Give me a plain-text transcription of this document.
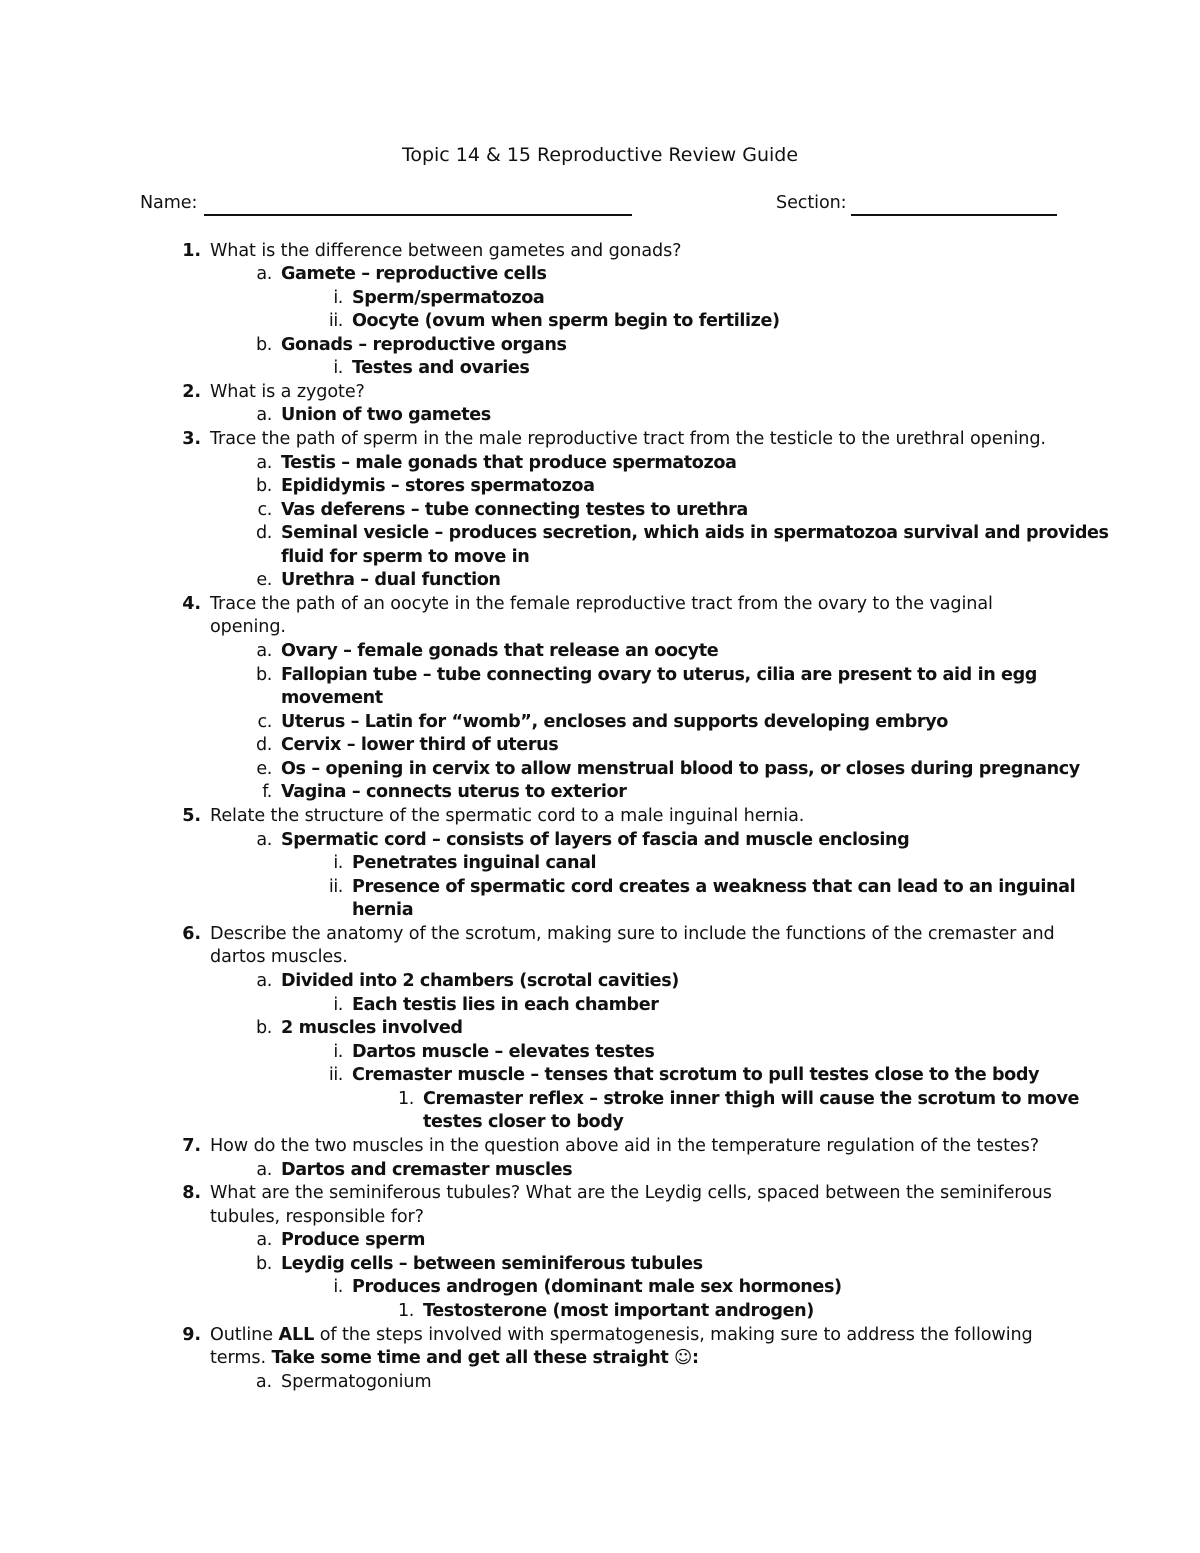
Topic 14 & 15 Reproductive Review Guide
Name:	Section:
1. What is the difference between gametes and gonads?
a. Gamete – reproductive cells
i. Sperm/spermatozoa
ii. Oocyte (ovum when sperm begin to fertilize)
b. Gonads – reproductive organs
i. Testes and ovaries
2. What is a zygote?
a. Union of two gametes
3. Trace the path of sperm in the male reproductive tract from the testicle to the urethral opening.
a. Testis – male gonads that produce spermatozoa
b. Epididymis – stores spermatozoa
c. Vas deferens – tube connecting testes to urethra
d. Seminal vesicle – produces secretion, which aids in spermatozoa survival and provides
fluid for sperm to move in
e. Urethra – dual function
4. Trace the path of an oocyte in the female reproductive tract from the ovary to the vaginal
opening.
a. Ovary – female gonads that release an oocyte
b. Fallopian tube – tube connecting ovary to uterus, cilia are present to aid in egg
movement
c. Uterus – Latin for “womb”, encloses and supports developing embryo
d. Cervix – lower third of uterus
e. Os – opening in cervix to allow menstrual blood to pass, or closes during pregnancy
f. Vagina – connects uterus to exterior
5. Relate the structure of the spermatic cord to a male inguinal hernia.
a. Spermatic cord – consists of layers of fascia and muscle enclosing
i. Penetrates inguinal canal
ii. Presence of spermatic cord creates a weakness that can lead to an inguinal
hernia
6. Describe the anatomy of the scrotum, making sure to include the functions of the cremaster and
dartos muscles.
a. Divided into 2 chambers (scrotal cavities)
i. Each testis lies in each chamber
b. 2 muscles involved
i. Dartos muscle – elevates testes
ii. Cremaster muscle – tenses that scrotum to pull testes close to the body
1. Cremaster reflex – stroke inner thigh will cause the scrotum to move
testes closer to body
7. How do the two muscles in the question above aid in the temperature regulation of the testes?
a. Dartos and cremaster muscles
8. What are the seminiferous tubules? What are the Leydig cells, spaced between the seminiferous
tubules, responsible for?
a. Produce sperm
b. Leydig cells – between seminiferous tubules
i. Produces androgen (dominant male sex hormones)
1. Testosterone (most important androgen)
9. Outline ALL of the steps involved with spermatogenesis, making sure to address the following
terms. Take some time and get all these straight ☺:
a. Spermatogonium
